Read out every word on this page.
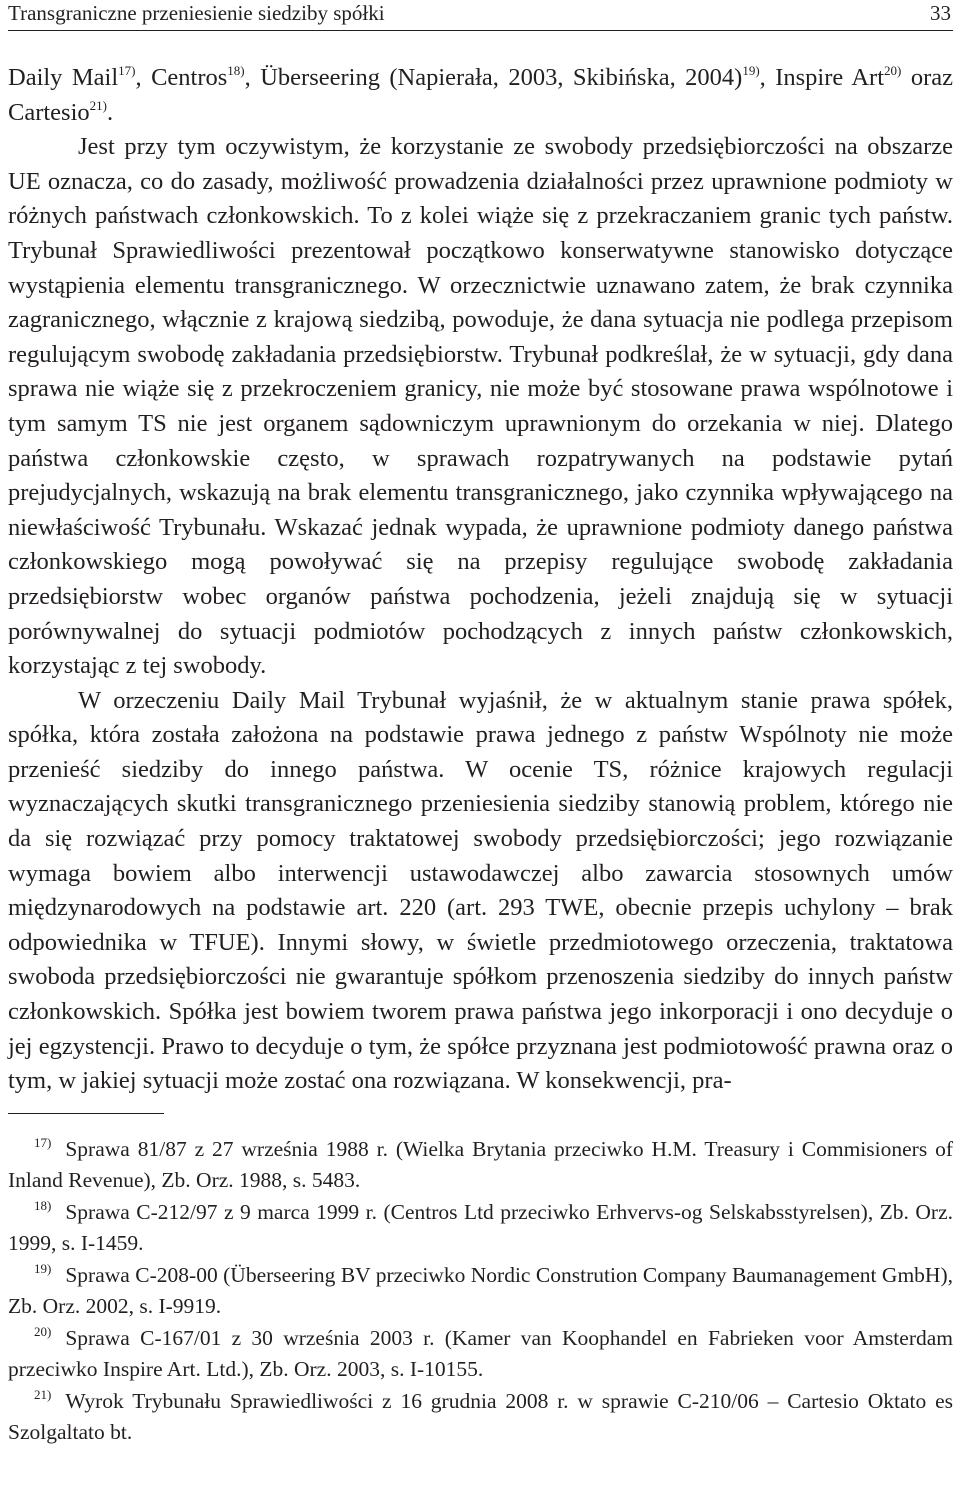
Transgraniczne przeniesienie siedziby spółki	33

Daily Mail$^{17)}$, Centros$^{18)}$, Überseering (Napierała, 2003, Skibińska, 2004)$^{19)}$, Inspire Art$^{20)}$ oraz Cartesio$^{21)}$.

Jest przy tym oczywistym, że korzystanie ze swobody przedsiębiorczości na obszarze UE oznacza, co do zasady, możliwość prowadzenia działalności przez uprawnione podmioty w różnych państwach członkowskich. To z kolei wiąże się z przekraczaniem granic tych państw. Trybunał Sprawiedliwości prezentował początkowo konserwatywne stanowisko dotyczące wystąpienia elementu transgranicznego. W orzecznictwie uznawano zatem, że brak czynnika zagranicznego, włącznie z krajową siedzibą, powoduje, że dana sytuacja nie podlega przepisom regulującym swobodę zakładania przedsiębiorstw. Trybunał podkreślał, że w sytuacji, gdy dana sprawa nie wiąże się z przekroczeniem granicy, nie może być stosowane prawa wspólnotowe i tym samym TS nie jest organem sądowniczym uprawnionym do orzekania w niej. Dlatego państwa członkowskie często, w sprawach rozpatrywanych na podstawie pytań prejudycjalnych, wskazują na brak elementu transgranicznego, jako czynnika wpływającego na niewłaściwość Trybunału. Wskazać jednak wypada, że uprawnione podmioty danego państwa członkowskiego mogą powoływać się na przepisy regulujące swobodę zakładania przedsiębiorstw wobec organów państwa pochodzenia, jeżeli znajdują się w sytuacji porównywalnej do sytuacji podmiotów pochodzących z innych państw członkowskich, korzystając z tej swobody.

W orzeczeniu Daily Mail Trybunał wyjaśnił, że w aktualnym stanie prawa spółek, spółka, która została założona na podstawie prawa jednego z państw Wspólnoty nie może przenieść siedziby do innego państwa. W ocenie TS, różnice krajowych regulacji wyznaczających skutki transgranicznego przeniesienia siedziby stanowią problem, którego nie da się rozwiązać przy pomocy traktatowej swobody przedsiębiorczości; jego rozwiązanie wymaga bowiem albo interwencji ustawodawczej albo zawarcia stosownych umów międzynarodowych na podstawie art. 220 (art. 293 TWE, obecnie przepis uchylony – brak odpowiednika w TFUE). Innymi słowy, w świetle przedmiotowego orzeczenia, traktatowa swoboda przedsiębiorczości nie gwarantuje spółkom przenoszenia siedziby do innych państw członkowskich. Spółka jest bowiem tworem prawa państwa jego inkorporacji i ono decyduje o jej egzystencji. Prawo to decyduje o tym, że spółce przyznana jest podmiotowość prawna oraz o tym, w jakiej sytuacji może zostać ona rozwiązana. W konsekwencji, pra-

$^{17)}$ Sprawa 81/87 z 27 września 1988 r. (Wielka Brytania przeciwko H.M. Treasury i Commisioners of Inland Revenue), Zb. Orz. 1988, s. 5483.

$^{18)}$ Sprawa C-212/97 z 9 marca 1999 r. (Centros Ltd przeciwko Erhvervs-og Selskabsstyrelsen), Zb. Orz. 1999, s. I-1459.

$^{19)}$ Sprawa C-208-00 (Überseering BV przeciwko Nordic Constrution Company Baumanagement GmbH), Zb. Orz. 2002, s. I-9919.

$^{20)}$ Sprawa C-167/01 z 30 września 2003 r. (Kamer van Koophandel en Fabrieken voor Amsterdam przeciwko Inspire Art. Ltd.), Zb. Orz. 2003, s. I-10155.

$^{21)}$ Wyrok Trybunału Sprawiedliwości z 16 grudnia 2008 r. w sprawie C-210/06 – Cartesio Oktato es Szolgaltato bt.
